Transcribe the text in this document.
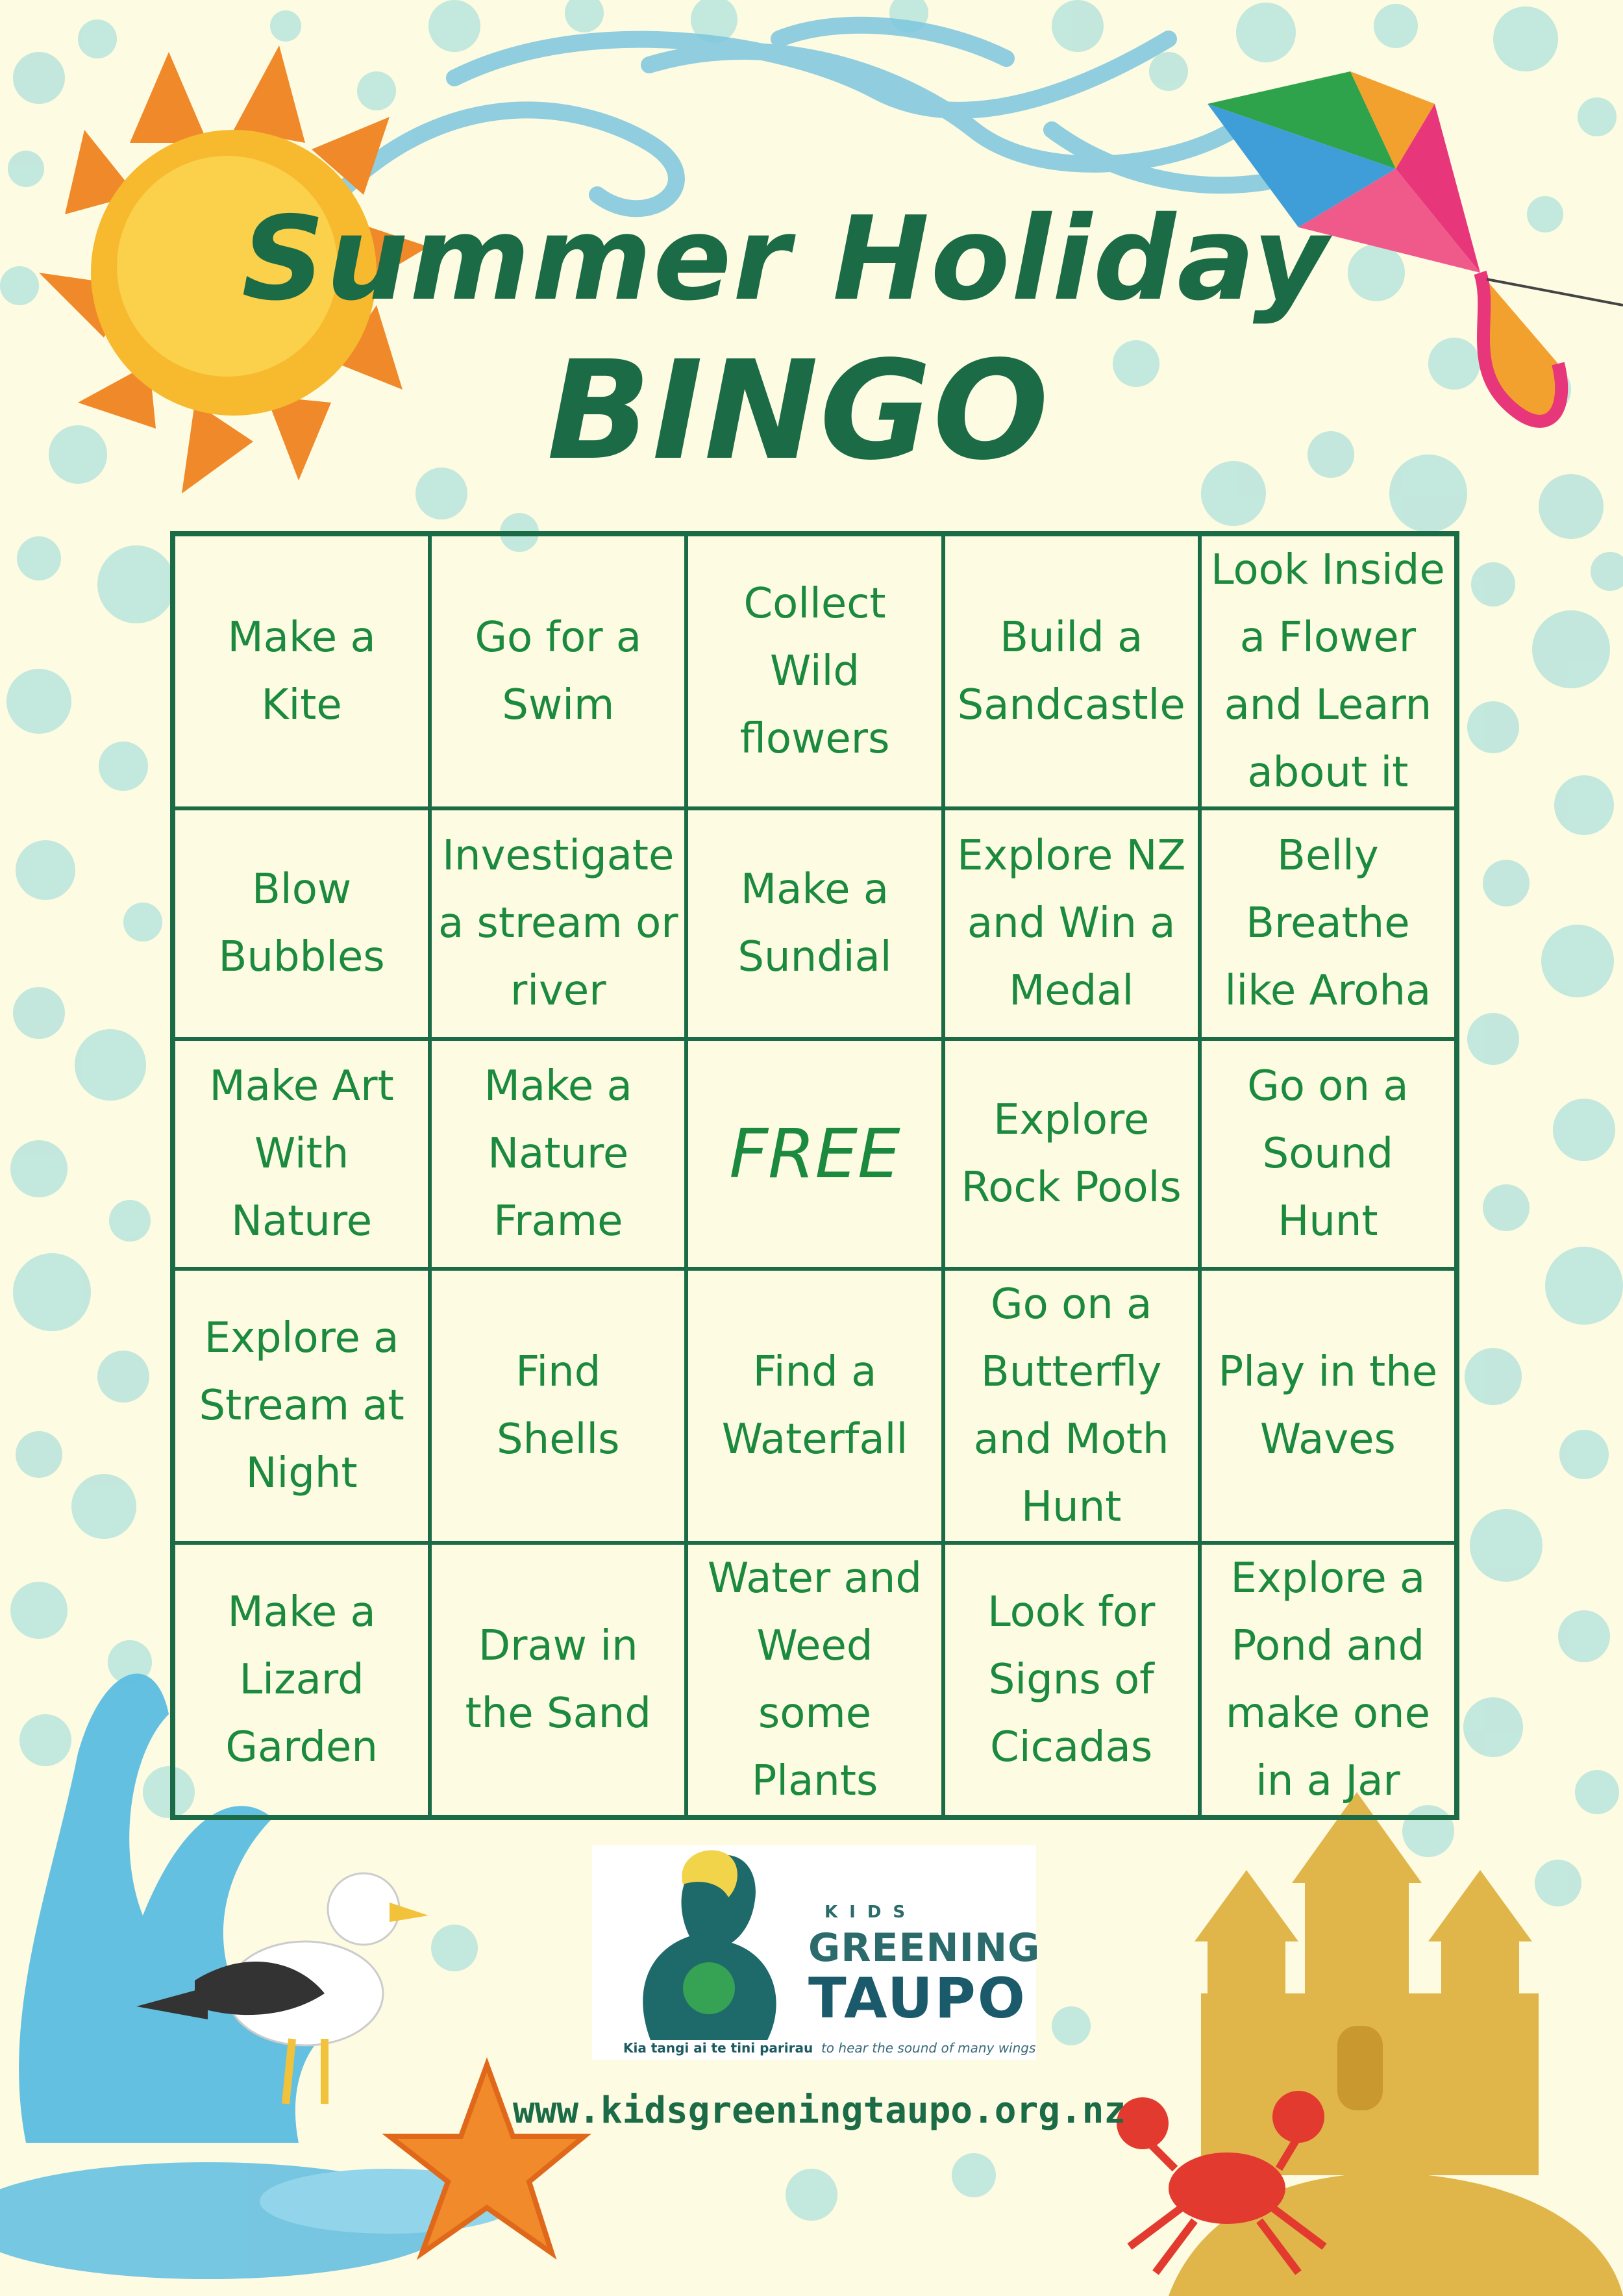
Summer Holiday
BINGO
Make a
Kite
Go for a
Swim
Collect
Wild
flowers
Build a
Sandcastle
Look Inside
a Flower
and Learn
about it
Blow
Bubbles
Investigate
a stream or
river
Make a
Sundial
Explore NZ
and Win a
Medal
Belly
Breathe
like Aroha
Make Art
With
Nature
Make a
Nature
Frame
FREE	Explore
Rock Pools
Go on a
Sound
Hunt
Explore a
Stream at
Night
Find
Shells
Find a
Waterfall
Go on a
Butterfly
and Moth
Hunt
Play in the
Waves
Make a
Lizard
Garden
Draw in
the Sand
Water and
Weed
some
Plants
Look for
Signs of
Cicadas
Explore a
Pond and
make one
in a Jar
KIDS
GREENING
TAUPO
Kia tangi ai te tini parirau to hear the sound of many wings
www.kidsgreeningtaupo.org.nz
